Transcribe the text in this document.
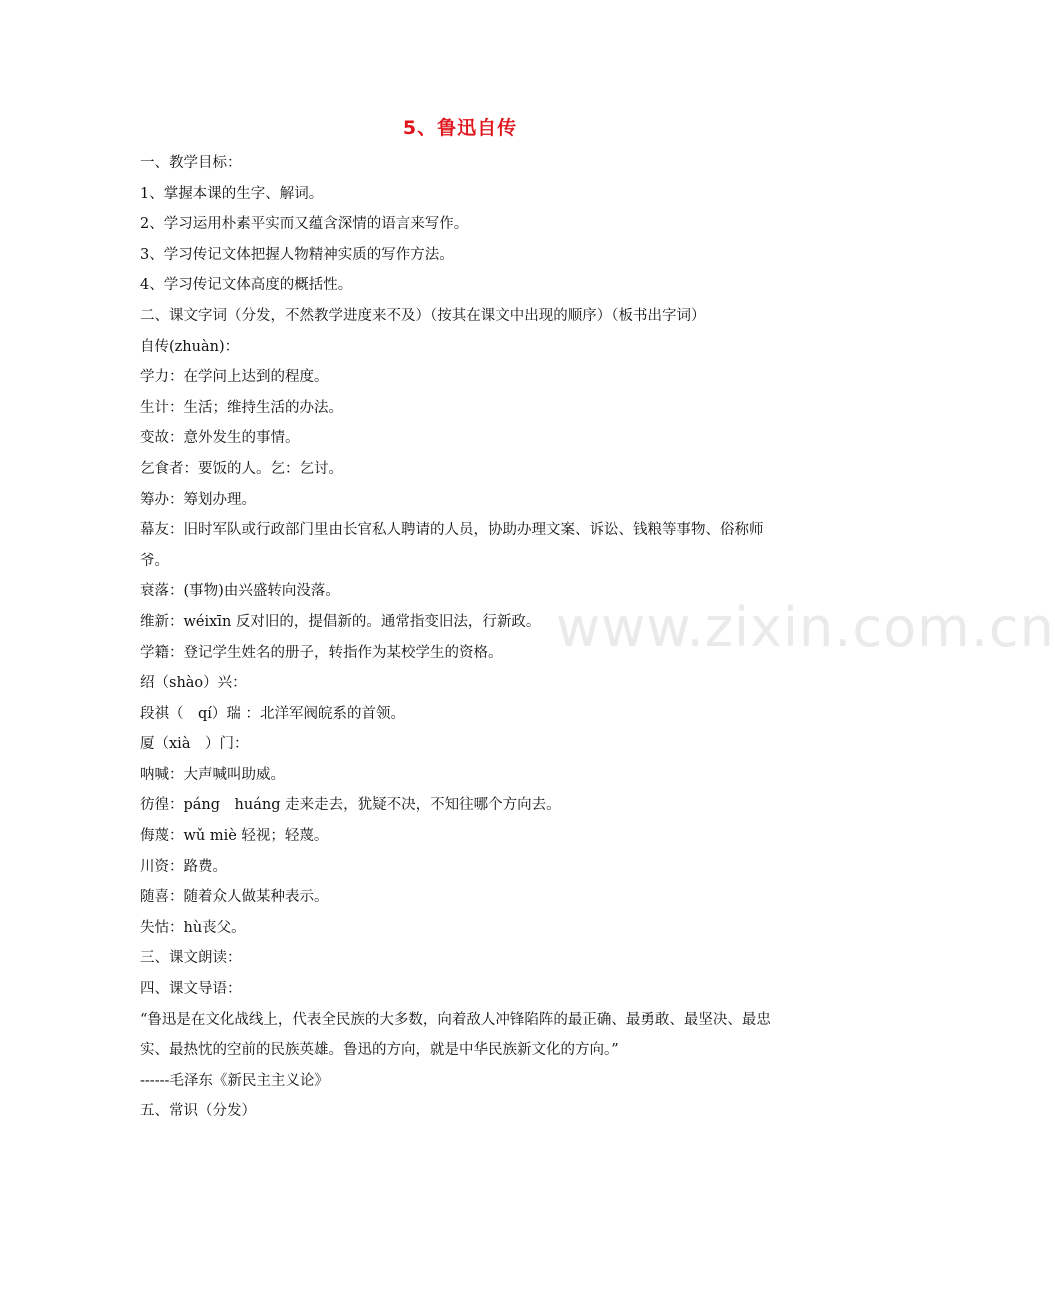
5、鲁迅自传
一、教学目标：
1、掌握本课的生字、解词。
2、学习运用朴素平实而又蕴含深情的语言来写作。
3、学习传记文体把握人物精神实质的写作方法。
4、学习传记文体高度的概括性。
二、课文字词（分发，不然教学进度来不及）（按其在课文中出现的顺序）（板书出字词）
自传(zhuàn)：
学力：在学问上达到的程度。
生计：生活；维持生活的办法。
变故：意外发生的事情。
乞食者：要饭的人。乞：乞讨。
筹办：筹划办理。
幕友：旧时军队或行政部门里由长官私人聘请的人员，协助办理文案、诉讼、钱粮等事物、俗称师爷。
衰落：(事物)由兴盛转向没落。
维新：wéixīn 反对旧的，提倡新的。通常指变旧法，行新政。
学籍：登记学生姓名的册子，转指作为某校学生的资格。
绍（shào）兴：
段祺（　qí）瑞 ：北洋军阀皖系的首领。
厦（xià　）门：
呐喊：大声喊叫助威。
彷徨：páng　huáng 走来走去，犹疑不决，不知往哪个方向去。
侮蔑：wǔ miè 轻视；轻蔑。
川资：路费。
随喜：随着众人做某种表示。
失怙：hù丧父。
三、课文朗读：
四、课文导语：
“鲁迅是在文化战线上，代表全民族的大多数，向着敌人冲锋陷阵的最正确、最勇敢、最坚决、最忠实、最热忱的空前的民族英雄。鲁迅的方向，就是中华民族新文化的方向。”
------毛泽东《新民主主义论》
五、常识（分发）
www.zixin.com.cn
